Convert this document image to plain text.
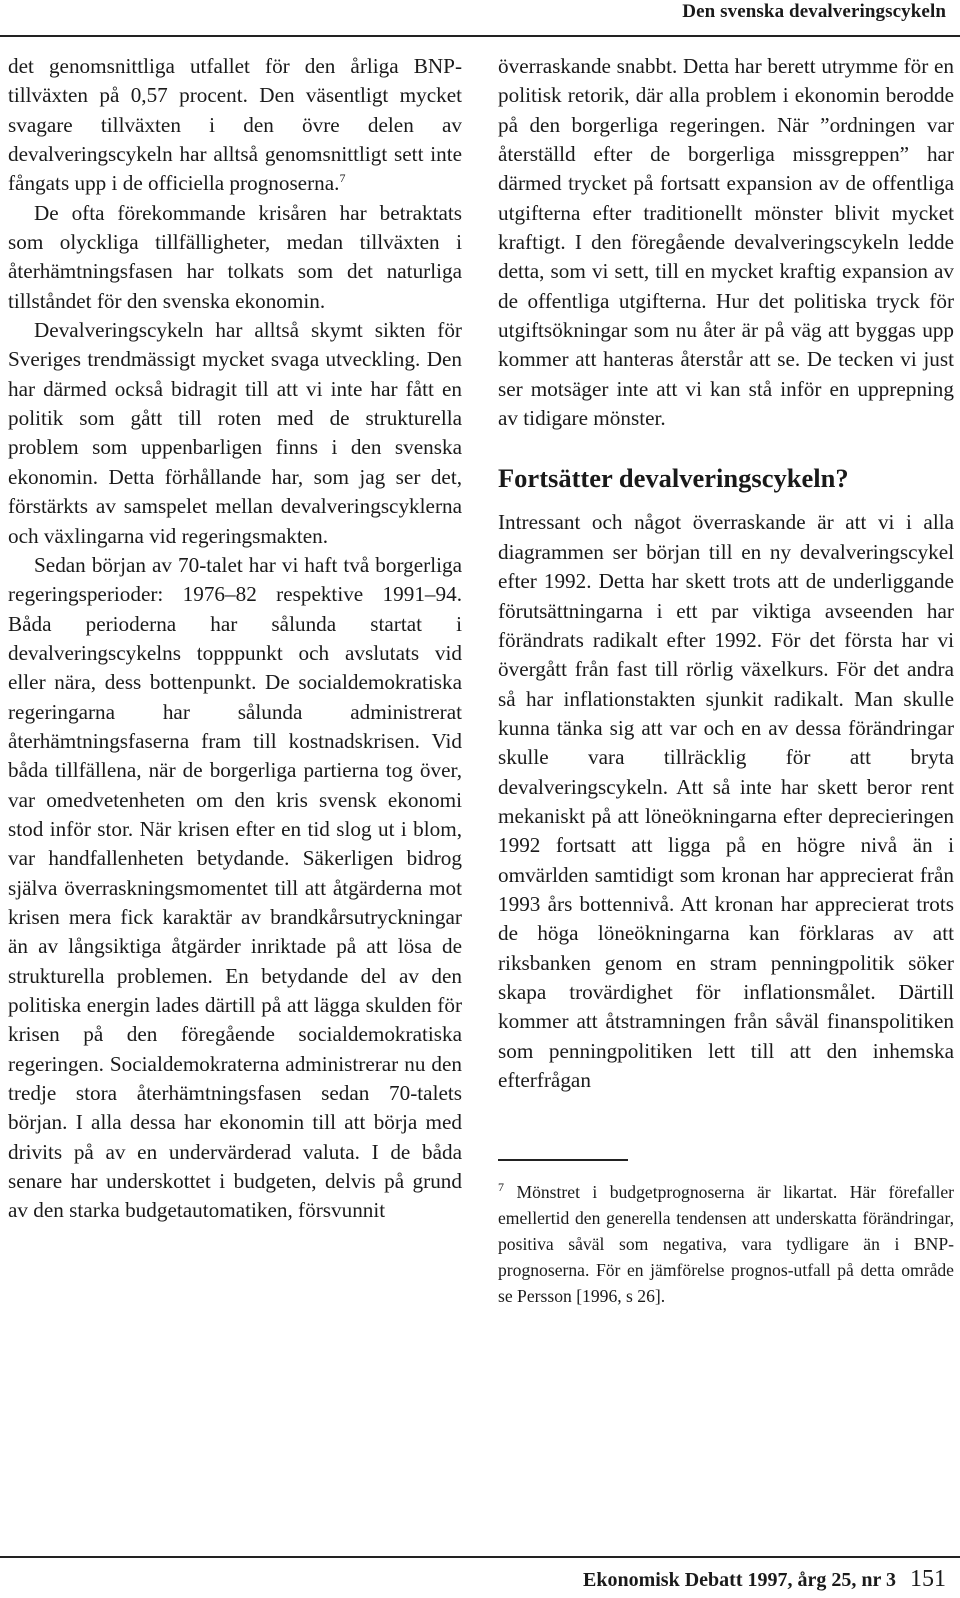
Den svenska devalveringscykeln

det genomsnittliga utfallet för den årliga BNP-tillväxten på 0,57 procent. Den väsentligt mycket svagare tillväxten i den övre delen av devalveringscykeln har alltså genomsnittligt sett inte fångats upp i de officiella prognoserna.$^7$

De ofta förekommande krisåren har betraktats som olyckliga tillfälligheter, medan tillväxten i återhämtningsfasen har tolkats som det naturliga tillståndet för den svenska ekonomin.

Devalveringscykeln har alltså skymt sikten för Sveriges trendmässigt mycket svaga utveckling. Den har därmed också bidragit till att vi inte har fått en politik som gått till roten med de strukturella problem som uppenbarligen finns i den svenska ekonomin. Detta förhållande har, som jag ser det, förstärkts av samspelet mellan devalveringscyklerna och växlingarna vid regeringsmakten.

Sedan början av 70-talet har vi haft två borgerliga regeringsperioder: 1976–82 respektive 1991–94. Båda perioderna har sålunda startat i devalveringscykelns topppunkt och avslutats vid eller nära, dess bottenpunkt. De socialdemokratiska regeringarna har sålunda administrerat återhämtningsfaserna fram till kostnadskrisen. Vid båda tillfällena, när de borgerliga partierna tog över, var omedvetenheten om den kris svensk ekonomi stod inför stor. När krisen efter en tid slog ut i blom, var handfallenheten betydande. Säkerligen bidrog själva överraskningsmomentet till att åtgärderna mot krisen mera fick karaktär av brandkårsutryckningar än av långsiktiga åtgärder inriktade på att lösa de strukturella problemen. En betydande del av den politiska energin lades därtill på att lägga skulden för krisen på den föregående socialdemokratiska regeringen. Socialdemokraterna administrerar nu den tredje stora återhämtningsfasen sedan 70-talets början. I alla dessa har ekonomin till att börja med drivits på av en undervärderad valuta. I de båda senare har underskottet i budgeten, delvis på grund av den starka budgetautomatiken, försvunnit

överraskande snabbt. Detta har berett utrymme för en politisk retorik, där alla problem i ekonomin berodde på den borgerliga regeringen. När ”ordningen var återställd efter de borgerliga missgreppen” har därmed trycket på fortsatt expansion av de offentliga utgifterna efter traditionellt mönster blivit mycket kraftigt. I den föregående devalveringscykeln ledde detta, som vi sett, till en mycket kraftig expansion av de offentliga utgifterna. Hur det politiska tryck för utgiftsökningar som nu åter är på väg att byggas upp kommer att hanteras återstår att se. De tecken vi just ser motsäger inte att vi kan stå inför en upprepning av tidigare mönster.

Fortsätter devalveringscykeln?

Intressant och något överraskande är att vi i alla diagrammen ser början till en ny devalveringscykel efter 1992. Detta har skett trots att de underliggande förutsättningarna i ett par viktiga avseenden har förändrats radikalt efter 1992. För det första har vi övergått från fast till rörlig växelkurs. För det andra så har inflationstakten sjunkit radikalt. Man skulle kunna tänka sig att var och en av dessa förändringar skulle vara tillräcklig för att bryta devalveringscykeln. Att så inte har skett beror rent mekaniskt på att löneökningarna efter deprecieringen 1992 fortsatt att ligga på en högre nivå än i omvärlden samtidigt som kronan har apprecierat från 1993 års bottennivå. Att kronan har apprecierat trots de höga löneökningarna kan förklaras av att riksbanken genom en stram penningpolitik söker skapa trovärdighet för inflationsmålet. Därtill kommer att åtstramningen från såväl finanspolitiken som penningpolitiken lett till att den inhemska efterfrågan

$^7$ Mönstret i budgetprognoserna är likartat. Här förefaller emellertid den generella tendensen att underskatta förändringar, positiva såväl som negativa, vara tydligare än i BNP-prognoserna. För en jämförelse prognos-utfall på detta område se Persson [1996, s 26].

Ekonomisk Debatt 1997, årg 25, nr 3 151
